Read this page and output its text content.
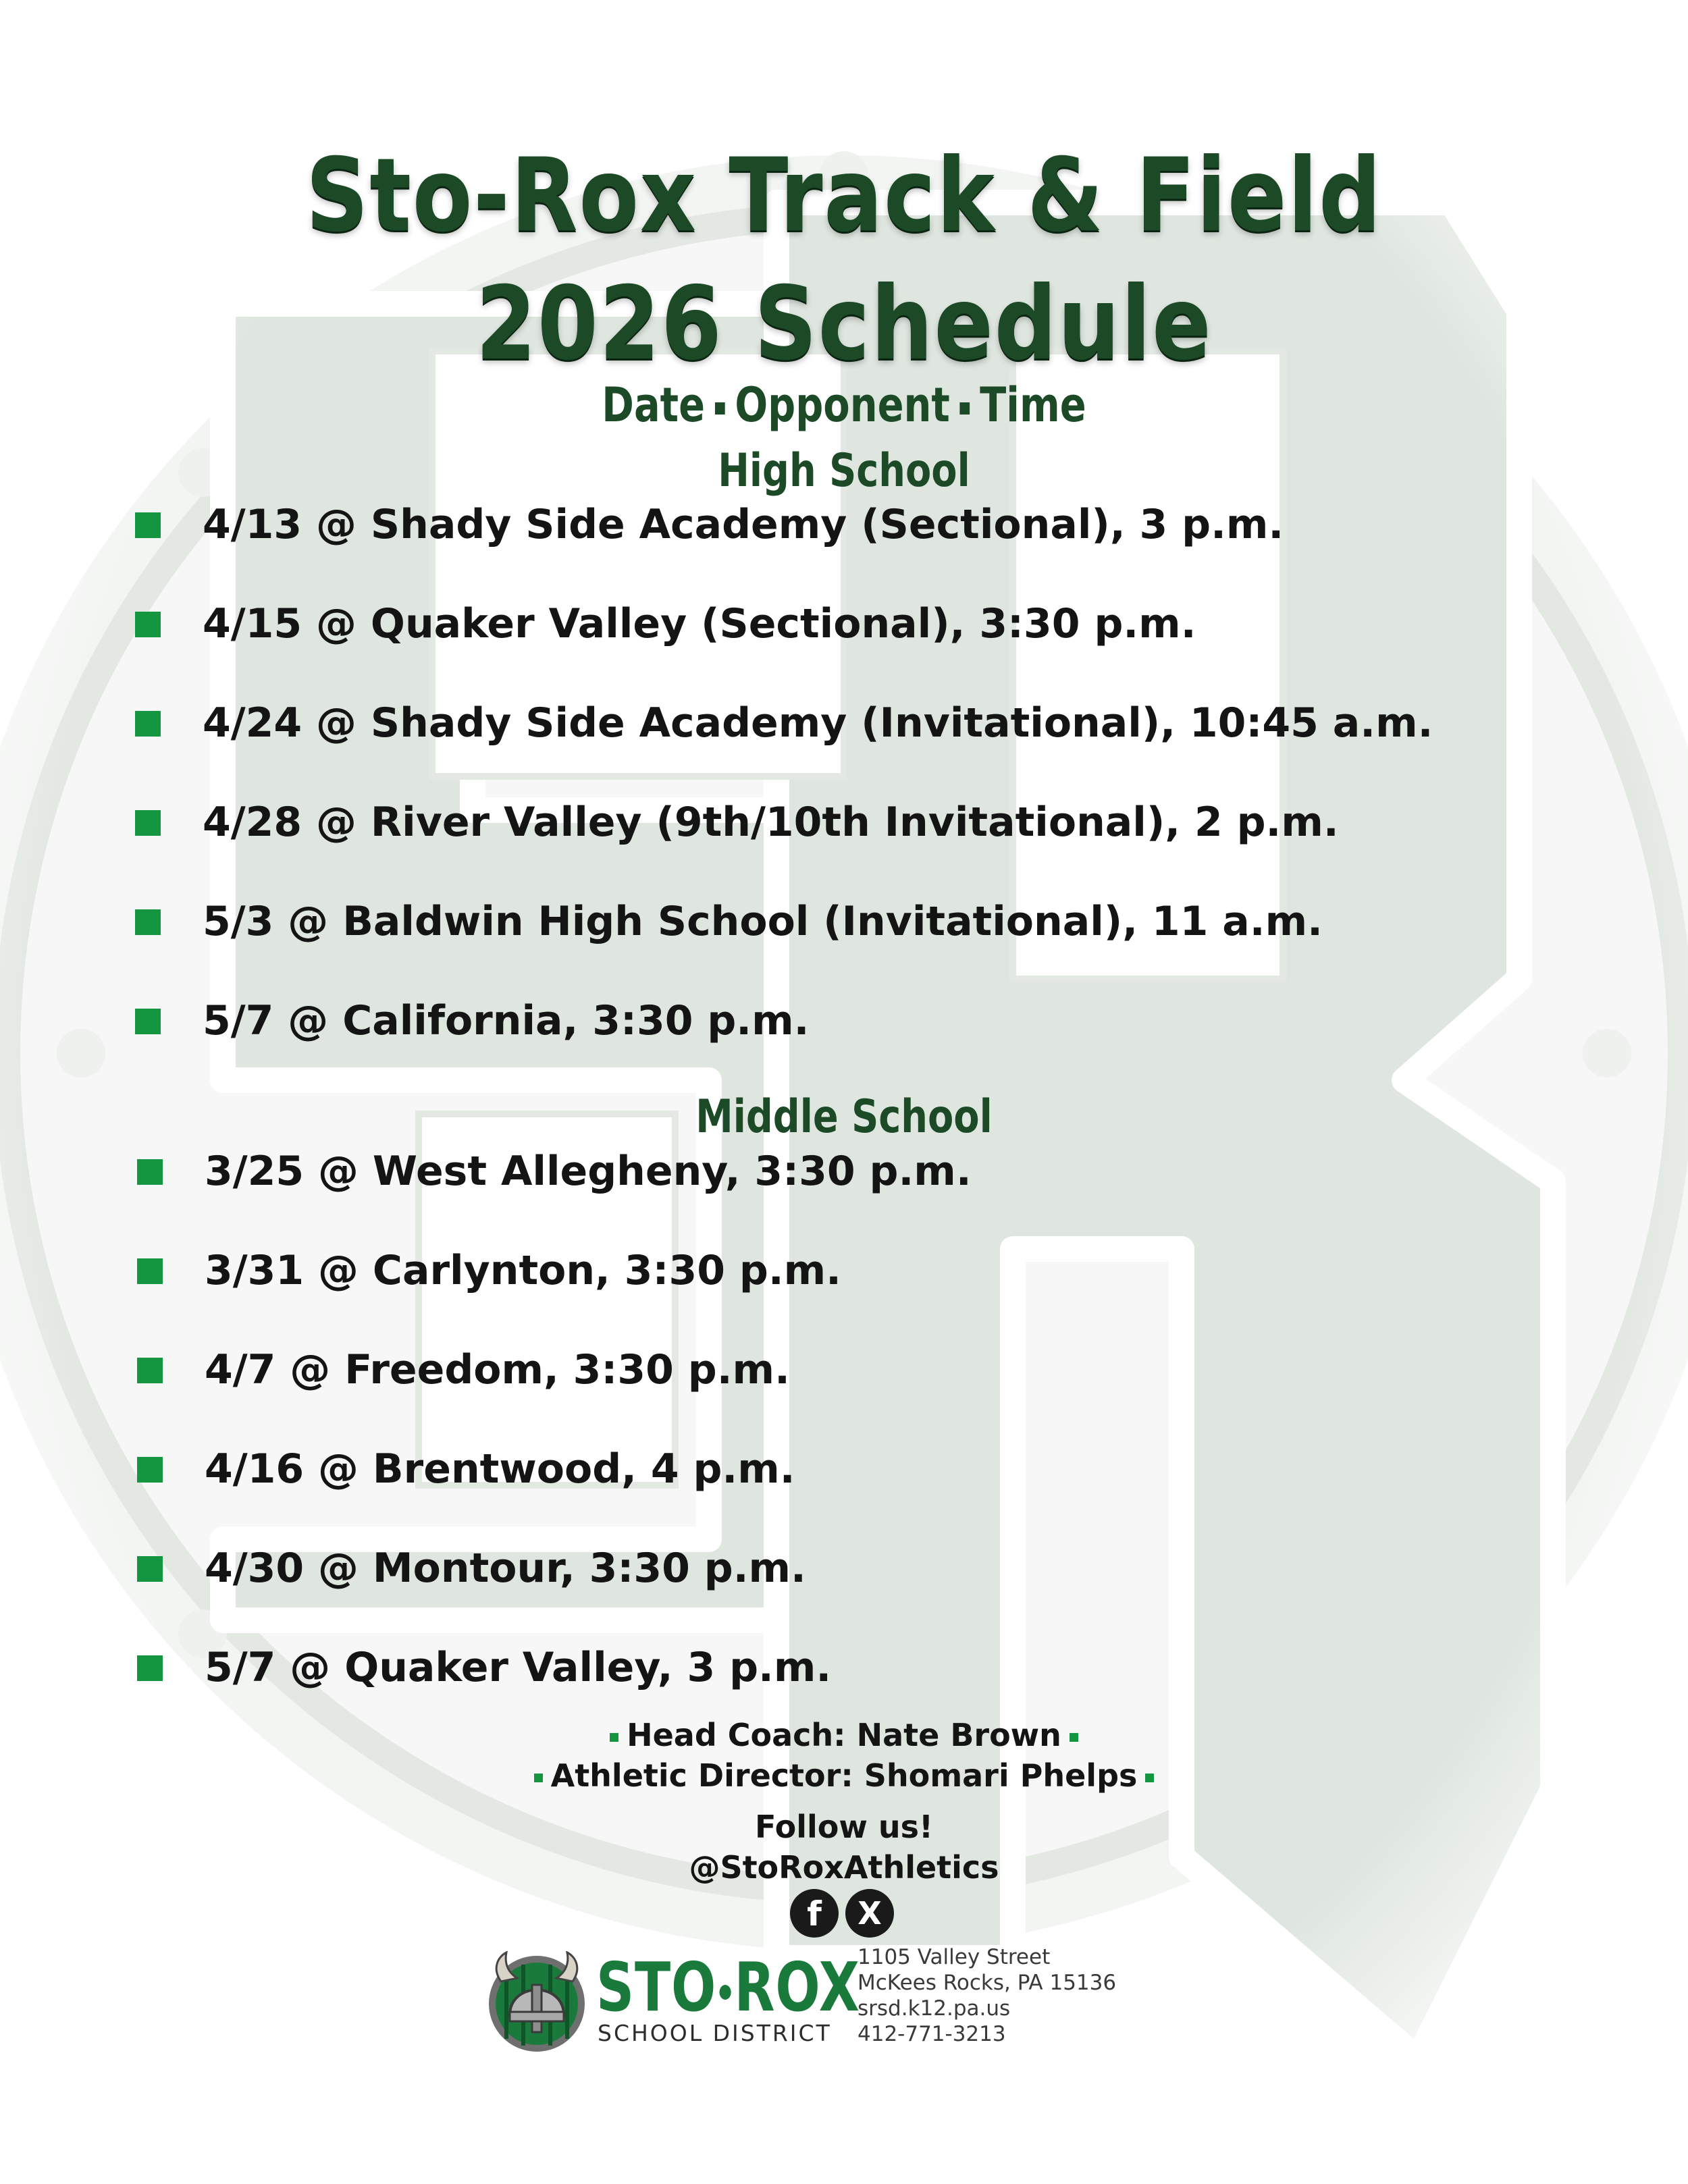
Sto-Rox Track & Field
2026 Schedule
Date Opponent Time
High School
4/13 @ Shady Side Academy (Sectional), 3 p.m.
4/15 @ Quaker Valley (Sectional), 3:30 p.m.
4/24 @ Shady Side Academy (Invitational), 10:45 a.m.
4/28 @ River Valley (9th/10th Invitational), 2 p.m.
5/3 @ Baldwin High School (Invitational), 11 a.m.
5/7 @ California, 3:30 p.m.
Middle School
3/25 @ West Allegheny, 3:30 p.m.
3/31 @ Carlynton, 3:30 p.m.
4/7 @ Freedom, 3:30 p.m.
4/16 @ Brentwood, 4 p.m.
4/30 @ Montour, 3:30 p.m.
5/7 @ Quaker Valley, 3 p.m.
Head Coach: Nate Brown
Athletic Director: Shomari Phelps
Follow us!
@StoRoxAthletics
f	X
STO ROX
SCHOOL DISTRICT
1105 Valley Street
McKees Rocks, PA 15136
srsd.k12.pa.us
412-771-3213
